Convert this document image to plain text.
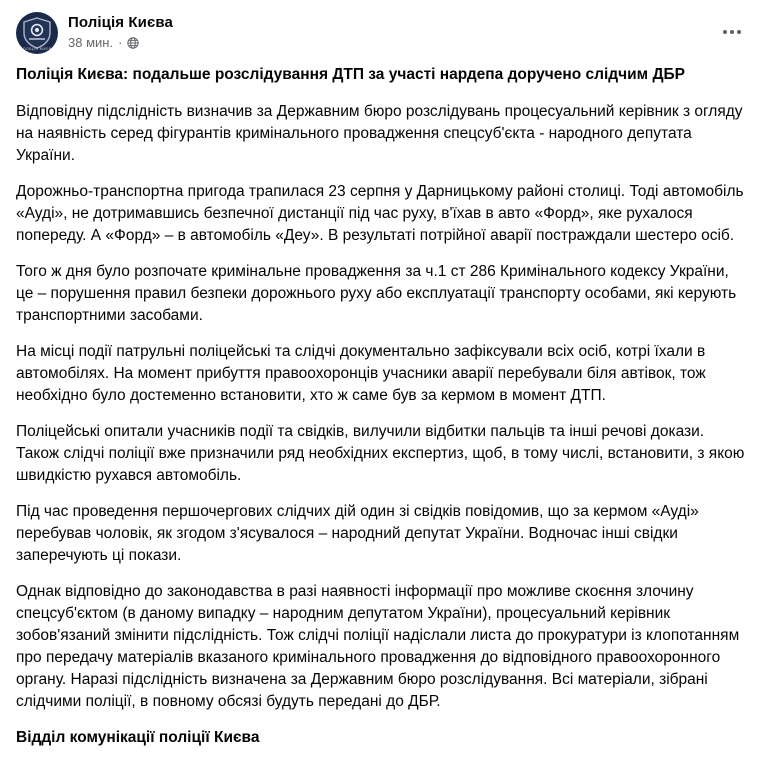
ПОЛІЦІЯ КИЄВА
Поліція Києва
38 мин. ·

Поліція Києва: подальше розслідування ДТП за участі нардепа доручено слідчим ДБР

Відповідну підслідність визначив за Державним бюро розслідувань процесуальний керівник з огляду на наявність серед фігурантів кримінального провадження спецсуб'єкта - народного депутата України.

Дорожньо-транспортна пригода трапилася 23 серпня у Дарницькому районі столиці. Тоді автомобіль «Ауді», не дотримавшись безпечної дистанції під час руху, в'їхав в авто «Форд», яке рухалося попереду. А «Форд» – в автомобіль «Деу». В результаті потрійної аварії постраждали шестеро осіб.

Того ж дня було розпочате кримінальне провадження за ч.1 ст 286 Кримінального кодексу України, це – порушення правил безпеки дорожнього руху або експлуатації транспорту особами, які керують транспортними засобами.

На місці події патрульні поліцейські та слідчі документально зафіксували всіх осіб, котрі їхали в автомобілях. На момент прибуття правоохоронців учасники аварії перебували біля автівок, тож необхідно було достеменно встановити, хто ж саме був за кермом в момент ДТП.

Поліцейські опитали учасників події та свідків, вилучили відбитки пальців та інші речові докази. Також слідчі поліції вже призначили ряд необхідних експертиз, щоб, в тому числі, встановити, з якою швидкістю рухався автомобіль.

Під час проведення першочергових слідчих дій один зі свідків повідомив, що за кермом «Ауді» перебував чоловік, як згодом з'ясувалося – народний депутат України. Водночас інші свідки заперечують ці покази.

Однак відповідно до законодавства в разі наявності інформації про можливе скоєння злочину спецсуб'єктом (в даному випадку – народним депутатом України), процесуальний керівник зобов'язаний змінити підслідність. Тож слідчі поліції надіслали листа до прокуратури із клопотанням про передачу матеріалів вказаного кримінального провадження до відповідного правоохоронного органу. Наразі підслідність визначена за Державним бюро розслідування. Всі матеріали, зібрані слідчими поліції, в повному обсязі будуть передані до ДБР.

Відділ комунікації поліції Києва
